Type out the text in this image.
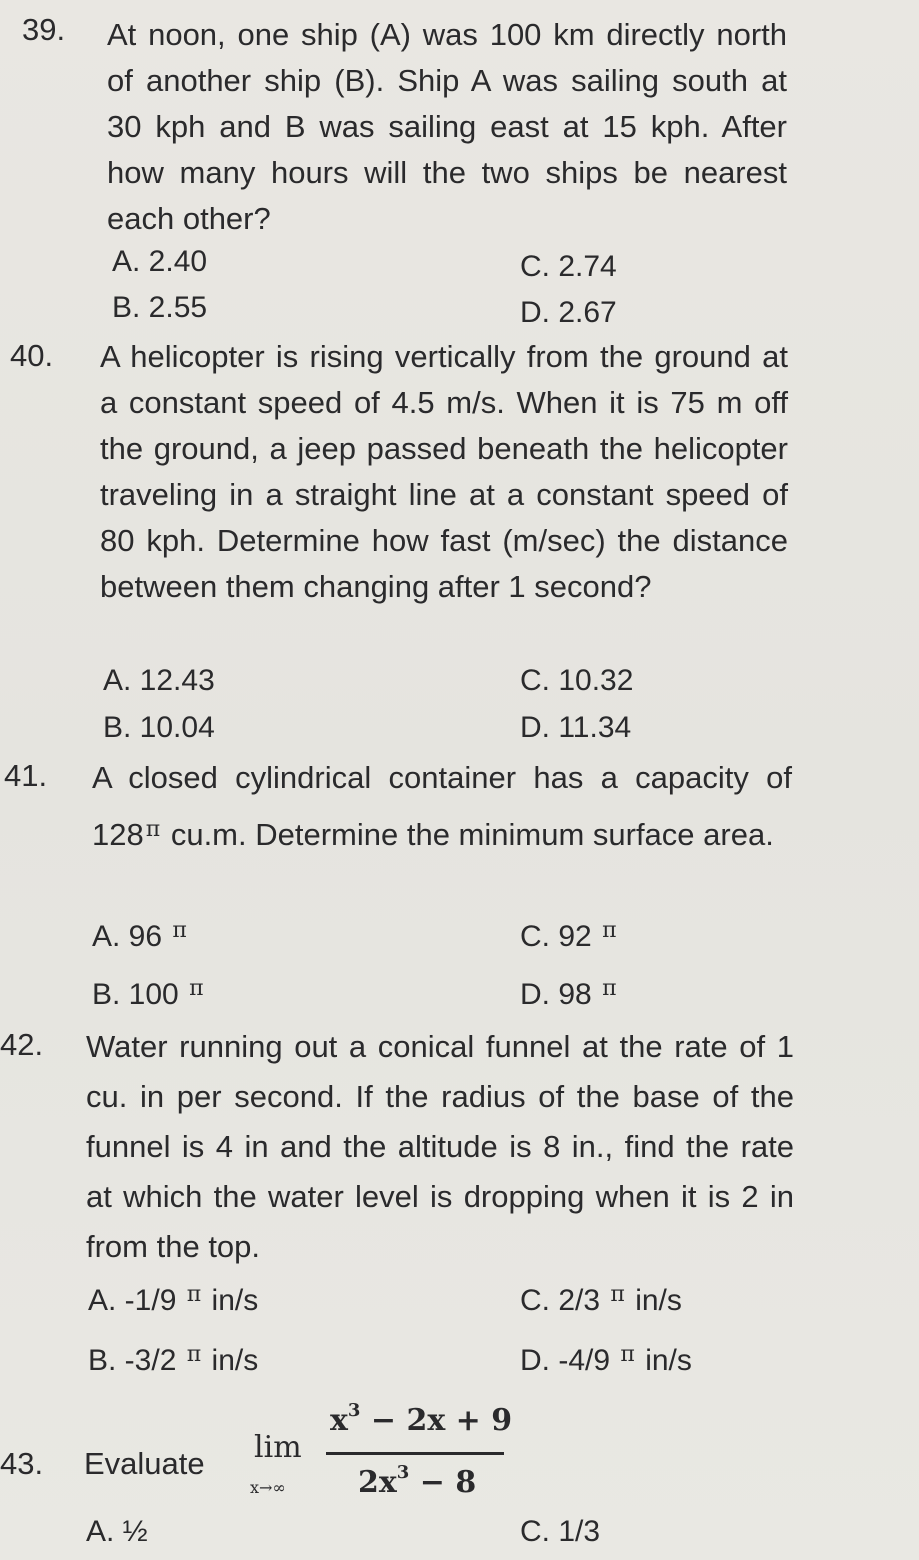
39. At noon, one ship (A) was 100 km directly north of another ship (B). Ship A was sailing south at 30 kph and B was sailing east at 15 kph. After how many hours will the two ships be nearest each other?
A. 2.40	C. 2.74
B. 2.55	D. 2.67
40. A helicopter is rising vertically from the ground at a constant speed of 4.5 m/s. When it is 75 m off the ground, a jeep passed beneath the helicopter traveling in a straight line at a constant speed of 80 kph. Determine how fast (m/sec) the distance between them changing after 1 second?
A. 12.43	C. 10.32
B. 10.04	D. 11.34
41. A closed cylindrical container has a capacity of $128^\pi$ cu.m. Determine the minimum surface area.
A. 96 $^\pi$	C. 92 $^\pi$
B. 100 $^\pi$	D. 98 $^\pi$
42. Water running out a conical funnel at the rate of 1 cu. in per second. If the radius of the base of the funnel is 4 in and the altitude is 8 in., find the rate at which the water level is dropping when it is 2 in from the top.
A. -1/9 $^\pi$ in/s	C. 2/3 $^\pi$ in/s
B. -3/2 $^\pi$ in/s	D. -4/9 $^\pi$ in/s
43. Evaluate lim
x→∞
$x^3 - 2x + 9$
$2x^3 - 8$
A. ½	C. 1/3
